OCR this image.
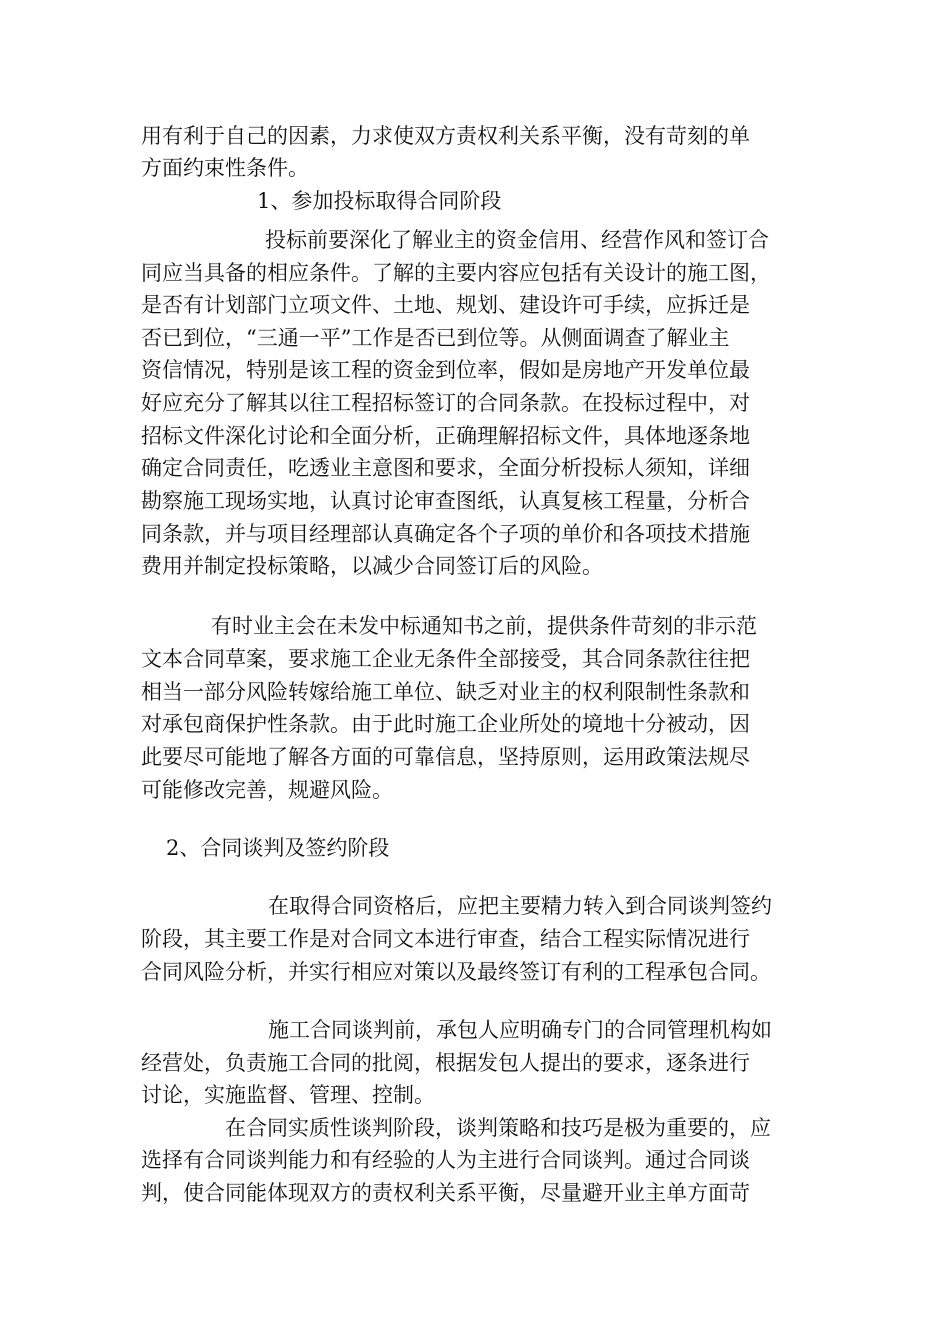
用有利于自己的因素，力求使双方责权利关系平衡，没有苛刻的单
方面约束性条件。
1、参加投标取得合同阶段
投标前要深化了解业主的资金信用、经营作风和签订合
同应当具备的相应条件。了解的主要内容应包括有关设计的施工图，
是否有计划部门立项文件、土地、规划、建设许可手续，应拆迁是
否已到位，“三通一平”工作是否已到位等。从侧面调查了解业主
资信情况，特别是该工程的资金到位率，假如是房地产开发单位最
好应充分了解其以往工程招标签订的合同条款。在投标过程中，对
招标文件深化讨论和全面分析，正确理解招标文件，具体地逐条地
确定合同责任，吃透业主意图和要求，全面分析投标人须知，详细
勘察施工现场实地，认真讨论审查图纸，认真复核工程量，分析合
同条款，并与项目经理部认真确定各个子项的单价和各项技术措施
费用并制定投标策略，以减少合同签订后的风险。
有时业主会在未发中标通知书之前，提供条件苛刻的非示范
文本合同草案，要求施工企业无条件全部接受，其合同条款往往把
相当一部分风险转嫁给施工单位、缺乏对业主的权利限制性条款和
对承包商保护性条款。由于此时施工企业所处的境地十分被动，因
此要尽可能地了解各方面的可靠信息，坚持原则，运用政策法规尽
可能修改完善，规避风险。
2、合同谈判及签约阶段
在取得合同资格后，应把主要精力转入到合同谈判签约
阶段，其主要工作是对合同文本进行审查，结合工程实际情况进行
合同风险分析，并实行相应对策以及最终签订有利的工程承包合同。
施工合同谈判前，承包人应明确专门的合同管理机构如
经营处，负责施工合同的批阅，根据发包人提出的要求，逐条进行
讨论，实施监督、管理、控制。
在合同实质性谈判阶段，谈判策略和技巧是极为重要的，应
选择有合同谈判能力和有经验的人为主进行合同谈判。通过合同谈
判，使合同能体现双方的责权利关系平衡，尽量避开业主单方面苛
